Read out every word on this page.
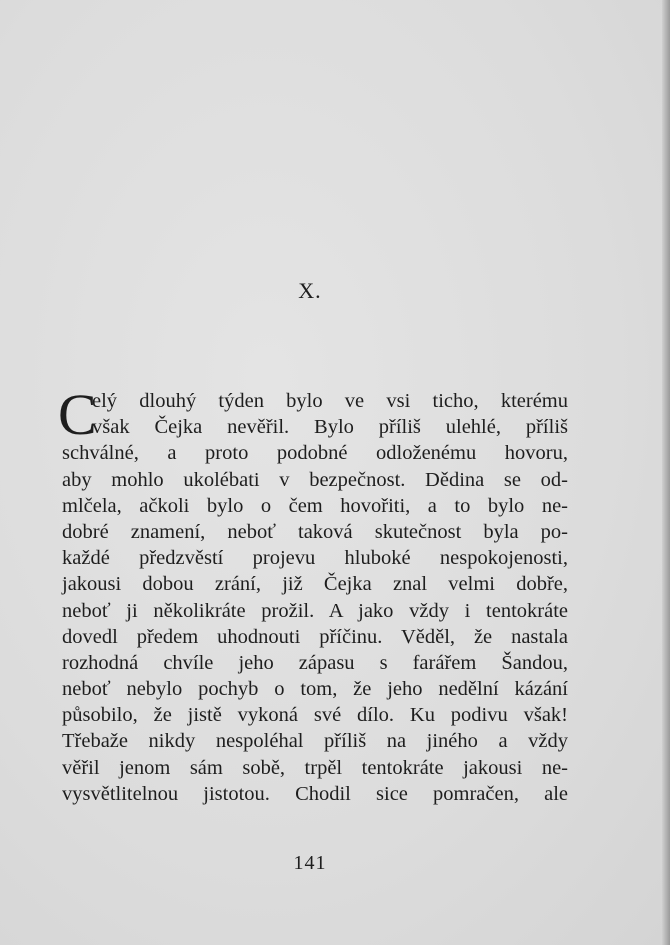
X.
C
elý dlouhý týden bylo ve vsi ticho, kterému
však Čejka nevěřil. Bylo příliš ulehlé, příliš
schválné, a proto podobné odloženému hovoru,
aby mohlo ukolébati v bezpečnost. Dědina se od-
mlčela, ačkoli bylo o čem hovořiti, a to bylo ne-
dobré znamení, neboť taková skutečnost byla po-
každé předzvěstí projevu hluboké nespokojenosti,
jakousi dobou zrání, již Čejka znal velmi dobře,
neboť ji několikráte prožil. A jako vždy i tentokráte
dovedl předem uhodnouti příčinu. Věděl, že nastala
rozhodná chvíle jeho zápasu s farářem Šandou,
neboť nebylo pochyb o tom, že jeho nedělní kázání
působilo, že jistě vykoná své dílo. Ku podivu však!
Třebaže nikdy nespoléhal příliš na jiného a vždy
věřil jenom sám sobě, trpěl tentokráte jakousi ne-
vysvětlitelnou jistotou. Chodil sice pomračen, ale
141
